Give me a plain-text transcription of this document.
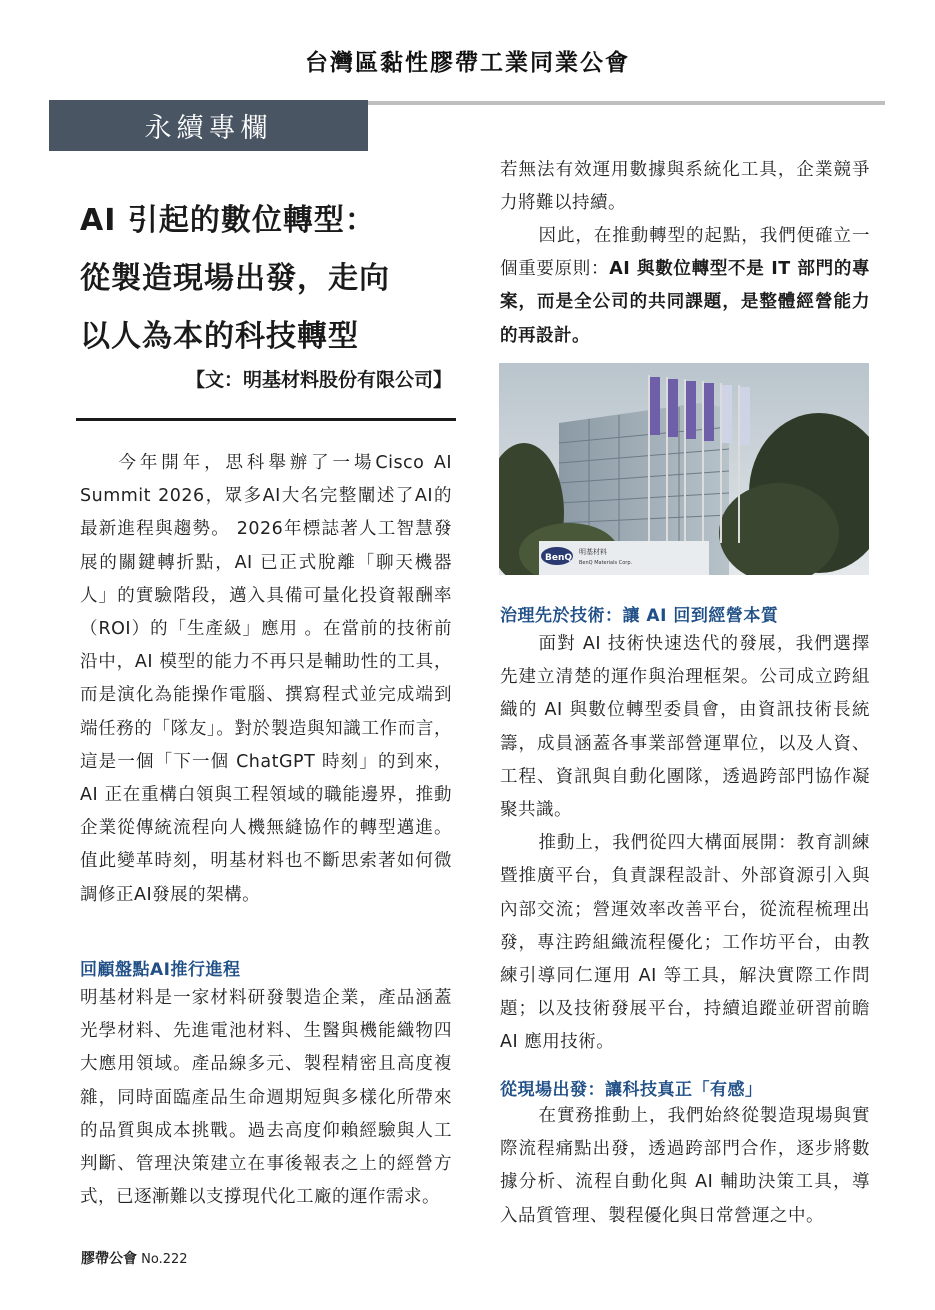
台灣區黏性膠帶工業同業公會
永續專欄
AI 引起的數位轉型：
從製造現場出發，走向
以人為本的科技轉型
【文：明基材料股份有限公司】
今年開年，思科舉辦了一場Cisco AI Summit 2026，眾多AI大名完整闡述了AI的最新進程與趨勢。 2026年標誌著人工智慧發展的關鍵轉折點，AI 已正式脫離「聊天機器人」的實驗階段，邁入具備可量化投資報酬率（ROI）的「生產級」應用 。在當前的技術前沿中，AI 模型的能力不再只是輔助性的工具，而是演化為能操作電腦、撰寫程式並完成端到端任務的「隊友」。對於製造與知識工作而言，這是一個「下一個 ChatGPT 時刻」的到來，AI 正在重構白領與工程領域的職能邊界，推動企業從傳統流程向人機無縫協作的轉型邁進。值此變革時刻，明基材料也不斷思索著如何微調修正AI發展的架構。
回顧盤點AI推行進程
明基材料是一家材料研發製造企業，產品涵蓋光學材料、先進電池材料、生醫與機能織物四大應用領域。產品線多元、製程精密且高度複雜，同時面臨產品生命週期短與多樣化所帶來的品質與成本挑戰。過去高度仰賴經驗與人工判斷、管理決策建立在事後報表之上的經營方式，已逐漸難以支撐現代化工廠的運作需求。
若無法有效運用數據與系統化工具，企業競爭力將難以持續。

因此，在推動轉型的起點，我們便確立一個重要原則：AI 與數位轉型不是 IT 部門的專案，而是全公司的共同課題，是整體經營能力的再設計。

BenQ
明基材料
BenQ Materials Corp.
治理先於技術：讓 AI 回到經營本質

面對 AI 技術快速迭代的發展，我們選擇先建立清楚的運作與治理框架。公司成立跨組織的 AI 與數位轉型委員會，由資訊技術長統籌，成員涵蓋各事業部營運單位，以及人資、工程、資訊與自動化團隊，透過跨部門協作凝聚共識。

推動上，我們從四大構面展開：教育訓練暨推廣平台，負責課程設計、外部資源引入與內部交流；營運效率改善平台，從流程梳理出發，專注跨組織流程優化；工作坊平台，由教練引導同仁運用 AI 等工具，解決實際工作問題；以及技術發展平台，持續追蹤並研習前瞻 AI 應用技術。

從現場出發：讓科技真正「有感」

在實務推動上，我們始終從製造現場與實際流程痛點出發，透過跨部門合作，逐步將數據分析、流程自動化與 AI 輔助決策工具，導入品質管理、製程優化與日常營運之中。

膠帶公會 No.222
